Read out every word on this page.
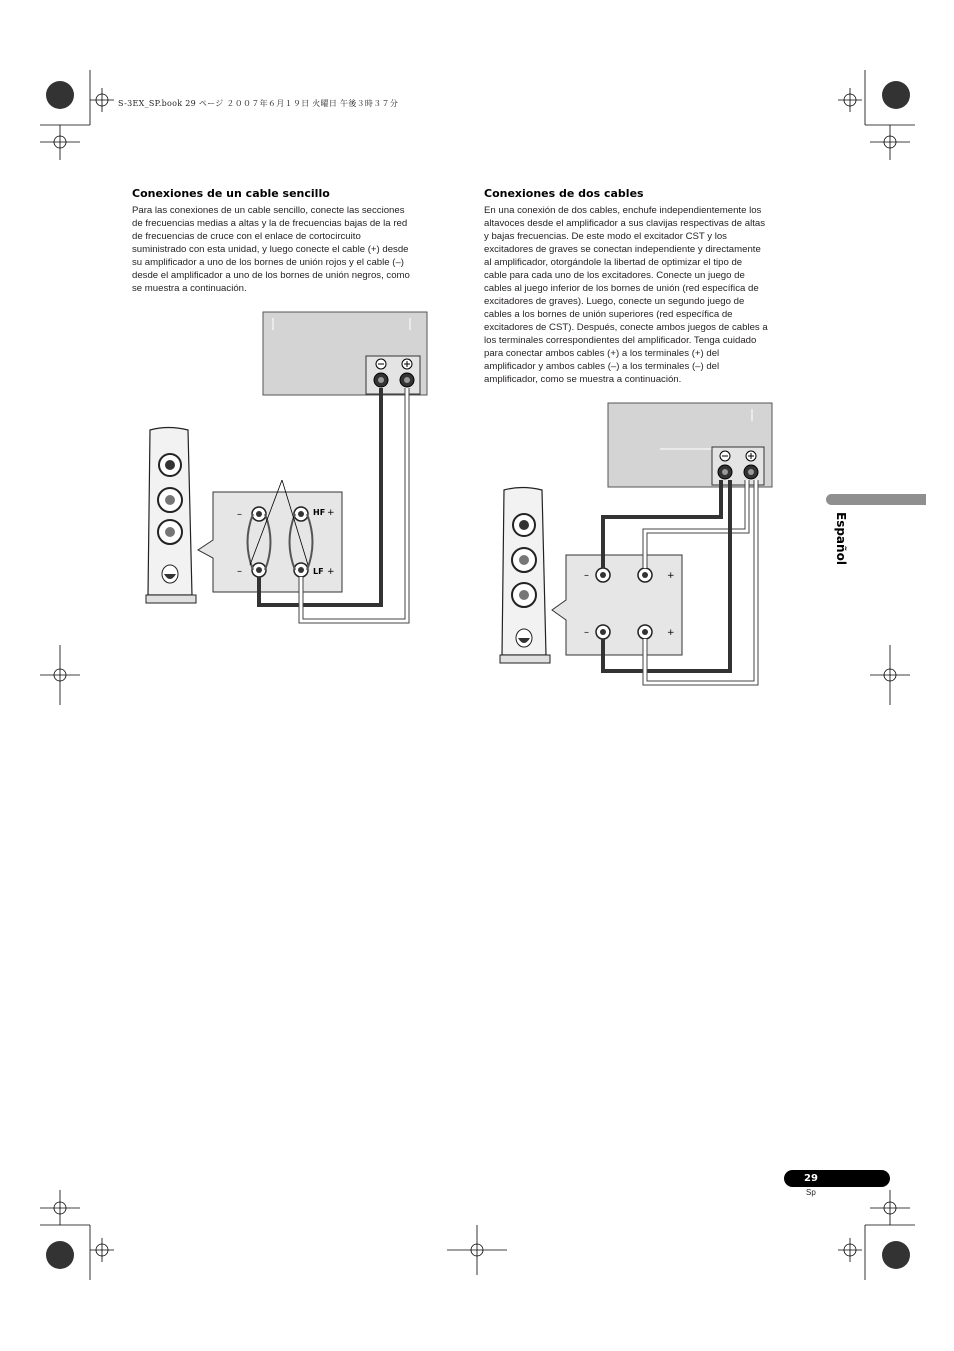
S-3EX_SP.book 29 ページ ２００７年６月１９日 火曜日 午後３時３７分
Conexiones de un cable sencillo

Para las conexiones de un cable sencillo, conecte las secciones

de frecuencias medias a altas y la de frecuencias bajas de la red

de frecuencias de cruce con el enlace de cortocircuito

suministrado con esta unidad, y luego conecte el cable (+) desde

su amplificador a uno de los bornes de unión rojos y el cable (–)

desde el amplificador a uno de los bornes de unión negros, como

se muestra a continuación.

–
–
HF +
LF +
Conexiones de dos cables

En una conexión de dos cables, enchufe independientemente los

altavoces desde el amplificador a sus clavijas respectivas de altas

y bajas frecuencias. De este modo el excitador CST y los

excitadores de graves se conectan independiente y directamente

al amplificador, otorgándole la libertad de optimizar el tipo de

cable para cada uno de los excitadores. Conecte un juego de

cables al juego inferior de los bornes de unión (red específica de

excitadores de graves). Luego, conecte un segundo juego de

cables a los bornes de unión superiores (red específica de

excitadores de CST). Después, conecte ambos juegos de cables a

los terminales correspondientes del amplificador. Tenga cuidado

para conectar ambos cables (+) a los terminales (+) del

amplificador y ambos cables (–) a los terminales (–) del

amplificador, como se muestra a continuación.

–
–
+
+
Español
29
Sp
